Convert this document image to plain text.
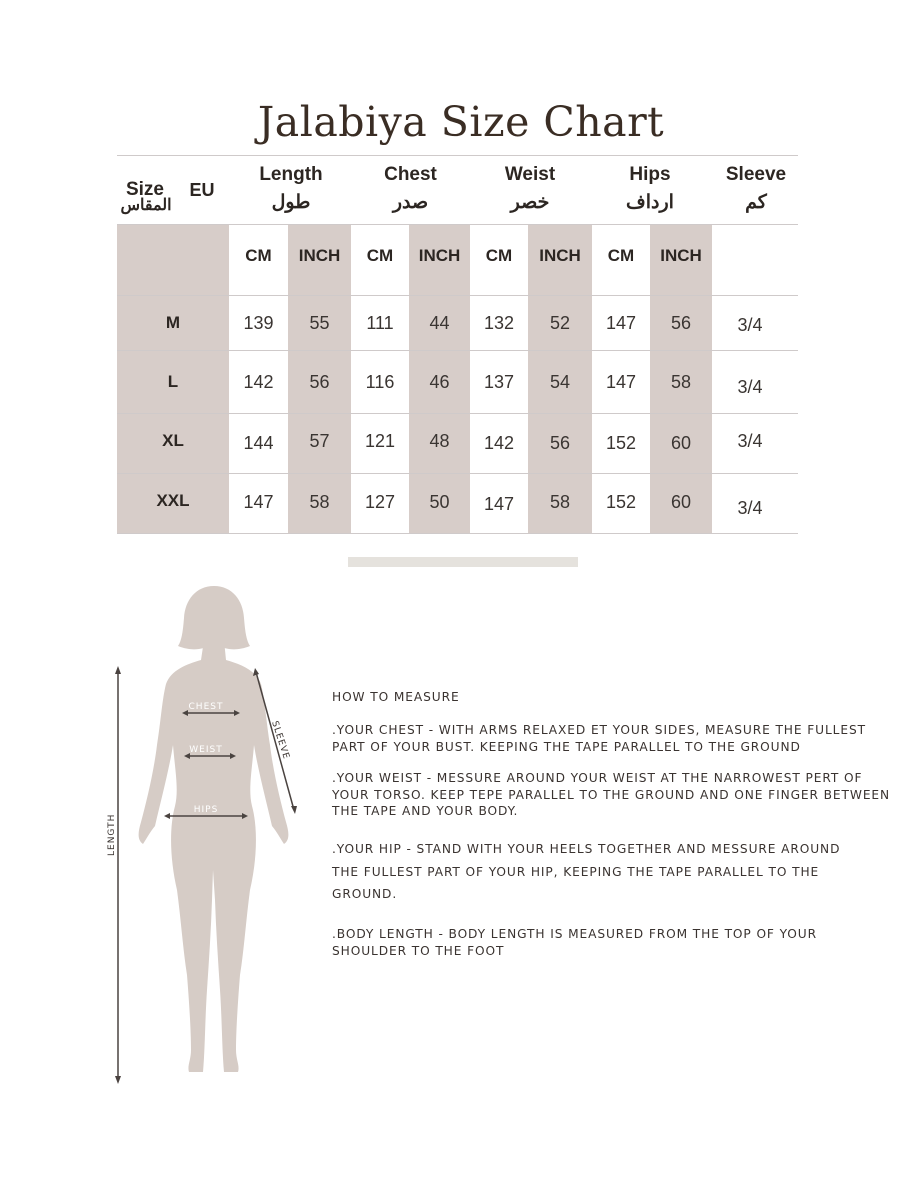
Jalabiya Size Chart
Size
المقاس
EU
Length
طول
Chest
صدر
Weist
خصر
Hips
ارداف
Sleeve
كم
CM	INCH	CM	INCH	CM	INCH	CM	INCH
M	139	55	111	44	132	52	147	56	3/4
L	142	56	116	46	137	54	147	58	3/4
XL	144	57	121	48	142	56	152	60	3/4
XXL	147	58	127	50	147	58	152	60	3/4
CHEST
WEIST
HIPS
SLEEVE
LENGTH
HOW TO MEASURE
.YOUR CHEST - WITH ARMS RELAXED ET YOUR SIDES, MEASURE THE FULLEST PART OF YOUR BUST. KEEPING THE TAPE PARALLEL TO THE GROUND
.YOUR WEIST - MESSURE AROUND YOUR WEIST AT THE NARROWEST PERT OF YOUR TORSO. KEEP TEPE PARALLEL TO THE GROUND AND ONE FINGER BETWEEN THE TAPE AND YOUR BODY.
.YOUR HIP - STAND WITH YOUR HEELS TOGETHER AND MESSURE AROUND THE FULLEST PART OF YOUR HIP, KEEPING THE TAPE PARALLEL TO THE GROUND.
.BODY LENGTH - BODY LENGTH IS MEASURED FROM THE TOP OF YOUR SHOULDER TO THE FOOT
